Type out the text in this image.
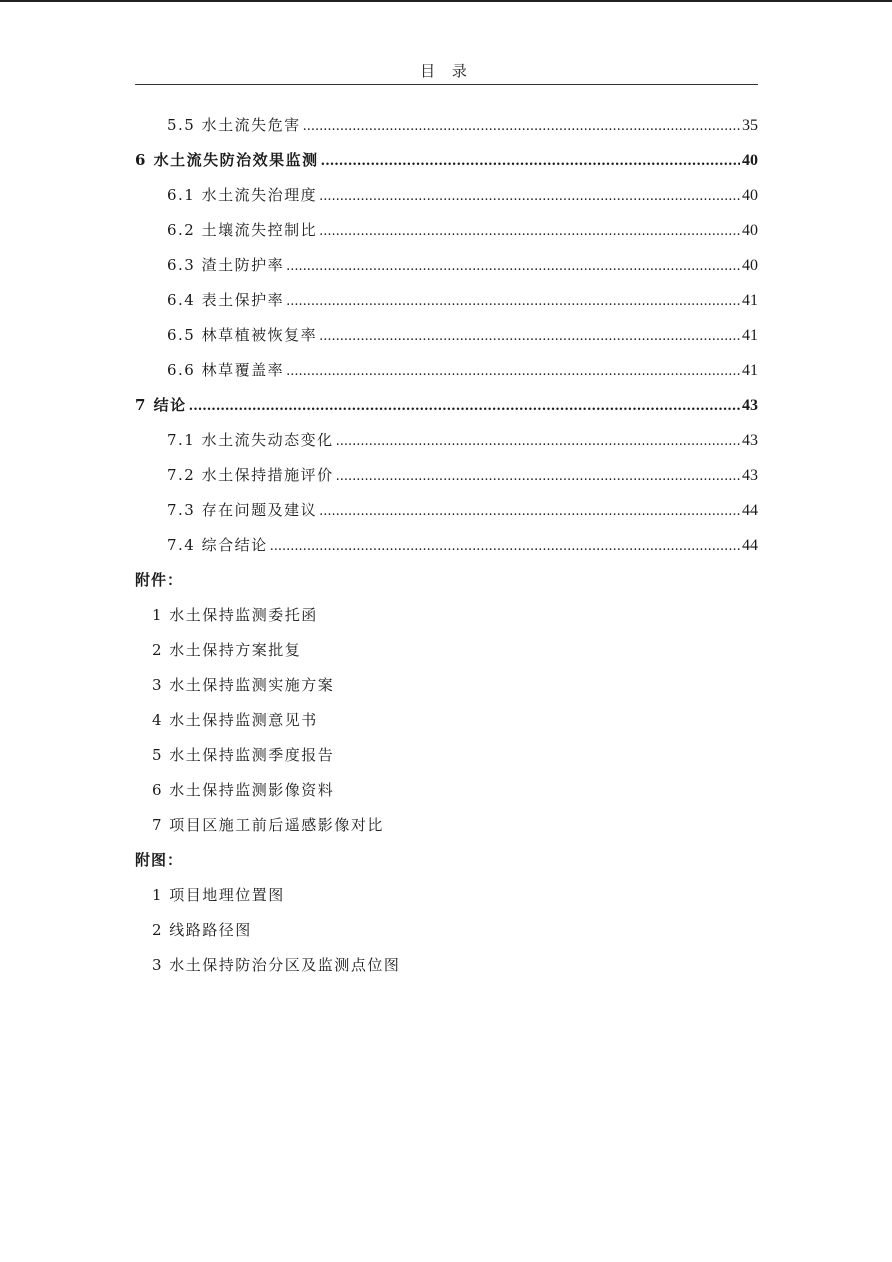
目 录
5.5 水土流失危害 .....	35
6 水土流失防治效果监测 .....	40
6.1 水土流失治理度 .....	40
6.2 土壤流失控制比 .....	40
6.3 渣土防护率 .....	40
6.4 表土保护率 .....	41
6.5 林草植被恢复率 .....	41
6.6 林草覆盖率 .....	41
7 结论 .....	43
7.1 水土流失动态变化 .....	43
7.2 水土保持措施评价 .....	43
7.3 存在问题及建议 .....	44
7.4 综合结论 .....	44
附件：
1 水土保持监测委托函
2 水土保持方案批复
3 水土保持监测实施方案
4 水土保持监测意见书
5 水土保持监测季度报告
6 水土保持监测影像资料
7 项目区施工前后遥感影像对比
附图：
1 项目地理位置图
2 线路路径图
3 水土保持防治分区及监测点位图
